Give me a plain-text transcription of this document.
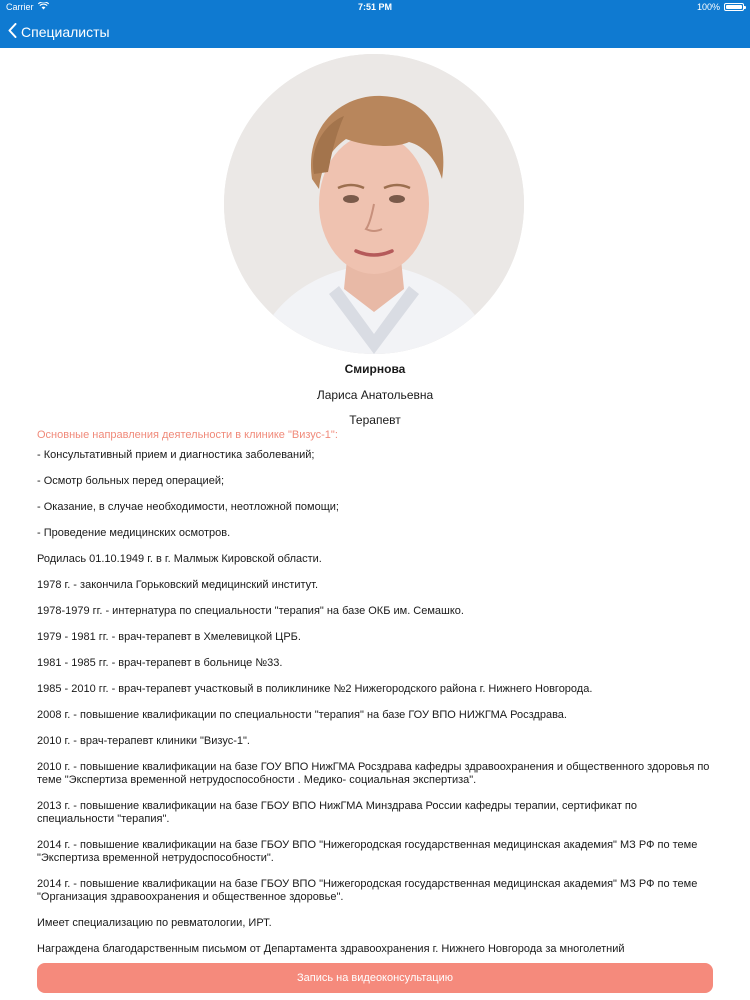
Carrier	7:51 PM	100%
Специалисты
Смирнова
Лариса Анатольевна
Терапевт
Основные направления деятельности в клинике "Визус-1":

- Консультативный прием и диагностика заболеваний;

- Осмотр больных перед операцией;

- Оказание, в случае необходимости, неотложной помощи;

- Проведение медицинских осмотров.

Родилась 01.10.1949 г. в г. Малмыж Кировской области.

1978 г. - закончила Горьковский медицинский институт.

1978-1979 гг. - интернатура по специальности "терапия" на базе ОКБ им. Семашко.

1979 - 1981 гг. - врач-терапевт в Хмелевицкой ЦРБ.

1981 - 1985 гг. - врач-терапевт в больнице №33.

1985 - 2010 гг. - врач-терапевт участковый в поликлинике №2 Нижегородского района г. Нижнего Новгорода.

2008 г. - повышение квалификации по специальности "терапия" на базе ГОУ ВПО НИЖГМА Росздрава.

2010 г. - врач-терапевт клиники "Визус-1".

2010 г. - повышение квалификации на базе ГОУ ВПО НижГМА Росздрава кафедры здравоохранения и общественного здоровья по теме "Экспертиза временной нетрудоспособности . Медико- социальная экспертиза".

2013 г. - повышение квалификации на базе ГБОУ ВПО НижГМА Минздрава России кафедры терапии, сертификат по специальности "терапия".

2014 г. - повышение квалификации на базе ГБОУ ВПО "Нижегородская государственная медицинская академия" МЗ РФ по теме "Экспертиза временной нетрудоспособности".

2014 г. - повышение квалификации на базе ГБОУ ВПО "Нижегородская государственная медицинская академия" МЗ РФ по теме "Организация здравоохранения и общественное здоровье".

Имеет специализацию по ревматологии, ИРТ.

Награждена благодарственным письмом от Департамента здравоохранения г. Нижнего Новгорода за многолетний

Запись на видеоконсультацию
